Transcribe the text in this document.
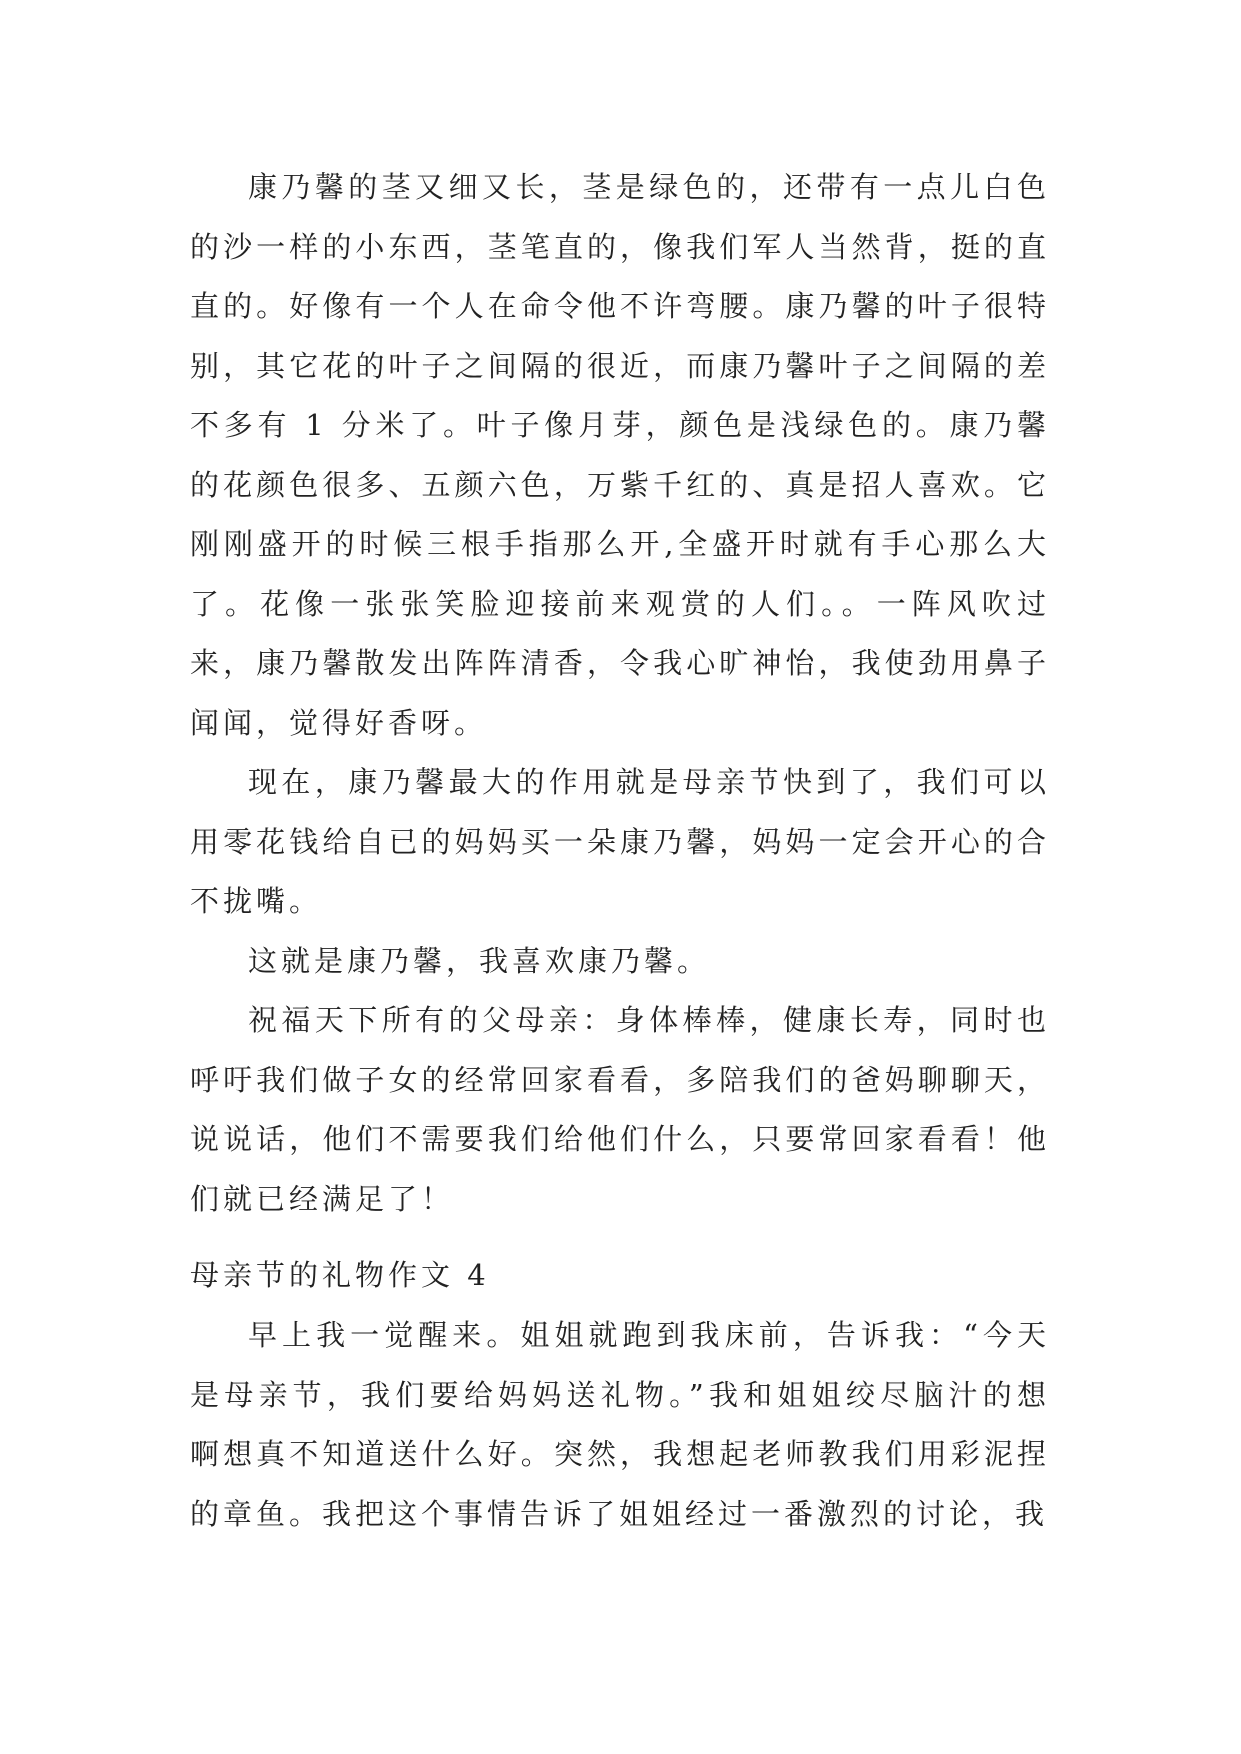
康乃馨的茎又细又长，茎是绿色的，还带有一点儿白色的沙一样的小东西，茎笔直的，像我们军人当然背，挺的直直的。好像有一个人在命令他不许弯腰。康乃馨的叶子很特别，其它花的叶子之间隔的很近，而康乃馨叶子之间隔的差不多有 1 分米了。叶子像月芽，颜色是浅绿色的。康乃馨的花颜色很多、五颜六色，万紫千红的、真是招人喜欢。它刚刚盛开的时候三根手指那么开,全盛开时就有手心那么大了。花像一张张笑脸迎接前来观赏的人们。。一阵风吹过来，康乃馨散发出阵阵清香，令我心旷神怡，我使劲用鼻子闻闻，觉得好香呀。

现在，康乃馨最大的作用就是母亲节快到了，我们可以用零花钱给自已的妈妈买一朵康乃馨，妈妈一定会开心的合不拢嘴。

这就是康乃馨，我喜欢康乃馨。

祝福天下所有的父母亲：身体棒棒，健康长寿，同时也呼吁我们做子女的经常回家看看，多陪我们的爸妈聊聊天，说说话，他们不需要我们给他们什么，只要常回家看看！他们就已经满足了！

母亲节的礼物作文 4

早上我一觉醒来。姐姐就跑到我床前，告诉我：“今天是母亲节，我们要给妈妈送礼物。”我和姐姐绞尽脑汁的想啊想真不知道送什么好。突然，我想起老师教我们用彩泥捏的章鱼。我把这个事情告诉了姐姐经过一番激烈的讨论，我
